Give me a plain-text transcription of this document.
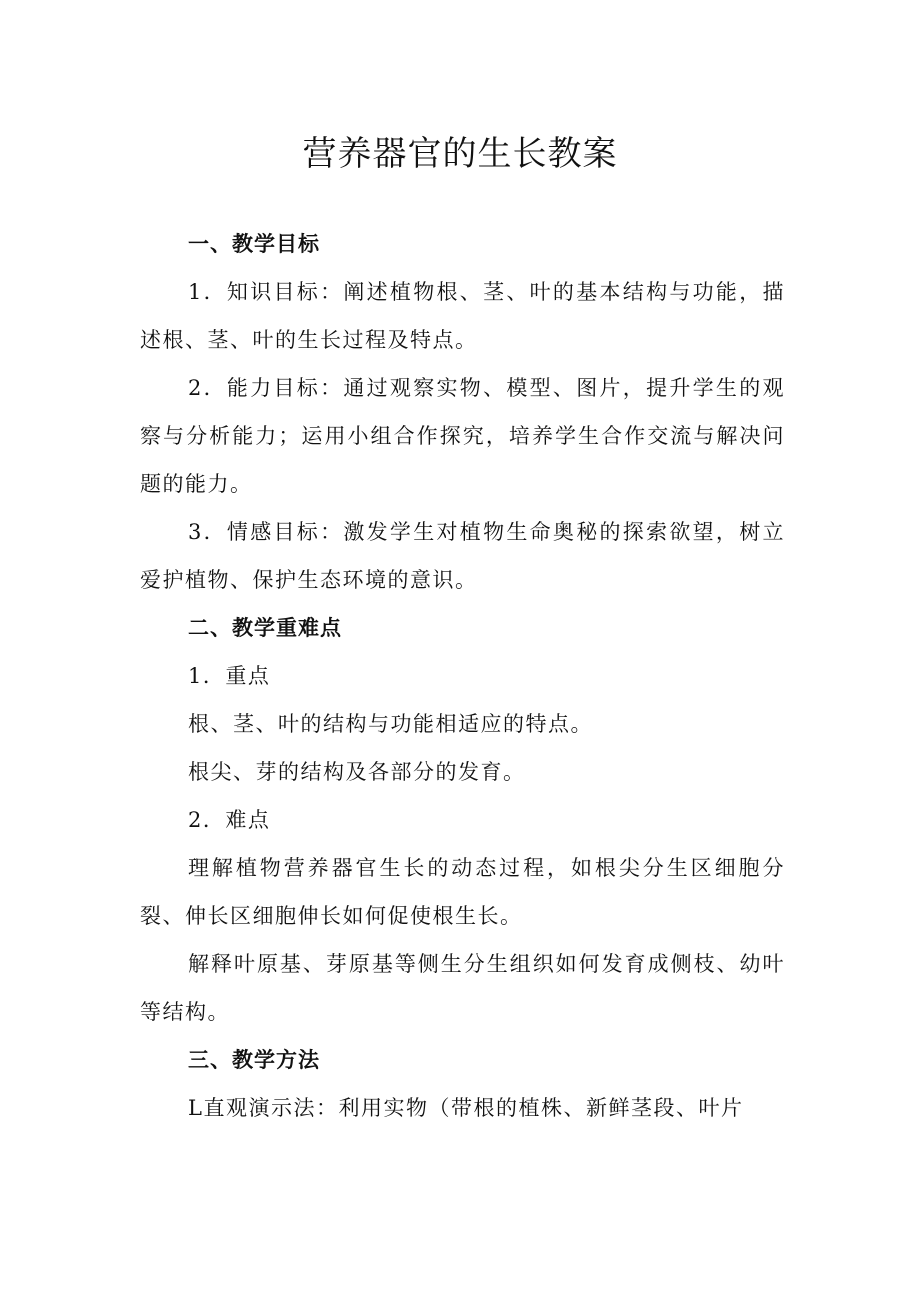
营养器官的生长教案

一、教学目标

1．知识目标：阐述植物根、茎、叶的基本结构与功能，描述根、茎、叶的生长过程及特点。

2．能力目标：通过观察实物、模型、图片，提升学生的观察与分析能力；运用小组合作探究，培养学生合作交流与解决问题的能力。

3．情感目标：激发学生对植物生命奥秘的探索欲望，树立爱护植物、保护生态环境的意识。

二、教学重难点

1．重点

根、茎、叶的结构与功能相适应的特点。

根尖、芽的结构及各部分的发育。

2．难点

理解植物营养器官生长的动态过程，如根尖分生区细胞分裂、伸长区细胞伸长如何促使根生长。

解释叶原基、芽原基等侧生分生组织如何发育成侧枝、幼叶等结构。

三、教学方法

L直观演示法：利用实物（带根的植株、新鲜茎段、叶片
